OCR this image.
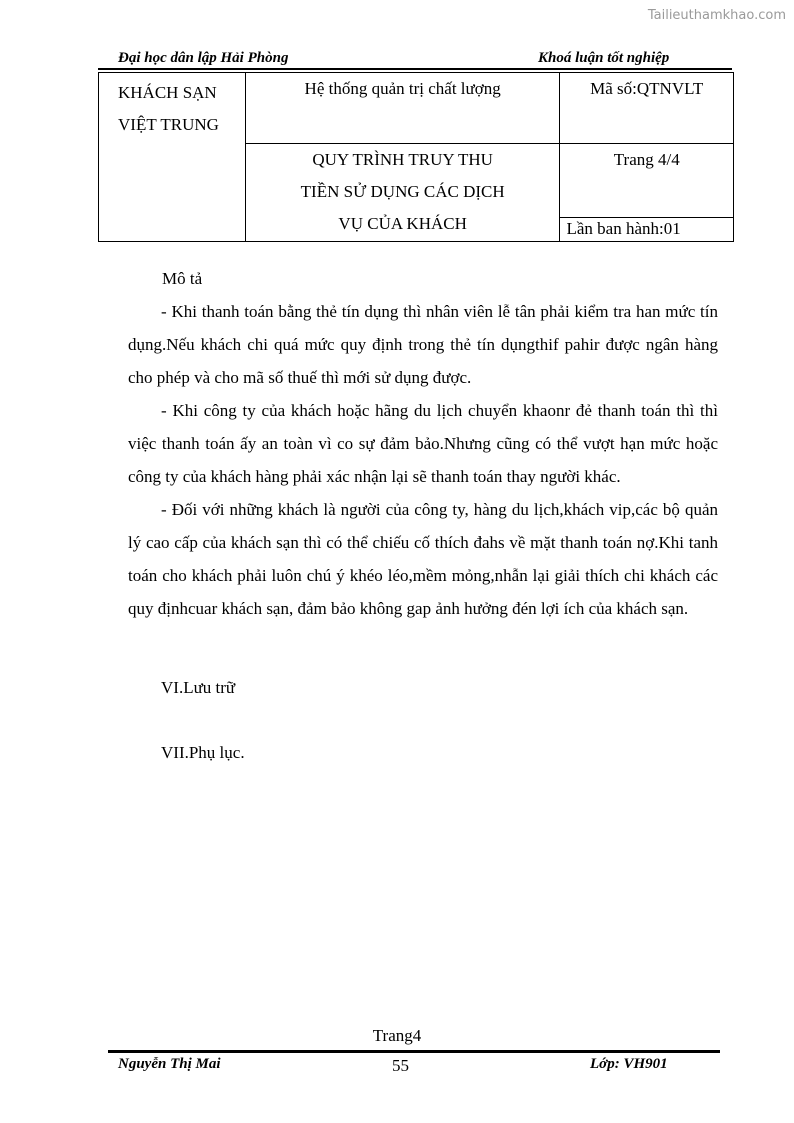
Tailieuthamkhao.com
Đại học dân lập Hải Phòng	Khoá luận tốt nghiệp
KHÁCH SẠN
VIỆT TRUNG	Hệ thống quản trị chất lượng	Mã số:QTNVLT

	QUY TRÌNH TRUY THU
TIỀN SỬ DỤNG CÁC DỊCH
VỤ CỦA KHÁCH	Trang 4/4
		Lần ban hành:01

Mô tả

- Khi thanh toán bằng thẻ tín dụng thì nhân viên lễ tân phải kiểm tra han mức tín dụng.Nếu khách chi quá mức quy định trong thẻ tín dụngthif pahir được ngân hàng cho phép và cho mã số thuế thì mới sử dụng được.

- Khi công ty của khách hoặc hãng du lịch chuyển khaonr đẻ thanh toán thì thì việc thanh toán ấy an toàn vì co sự đảm bảo.Nhưng cũng có thể vượt hạn mức hoặc công ty của khách hàng phải xác nhận lại sẽ thanh toán thay người khác.

- Đối với những khách là người của công ty, hàng du lịch,khách vip,các bộ quản lý cao cấp của khách sạn thì có thể chiếu cố thích đahs về mặt thanh toán nợ.Khi tanh toán cho khách phải luôn chú ý khéo léo,mềm mỏng,nhẫn lại giải thích chi khách các quy địnhcuar khách sạn, đảm bảo không gap ảnh hưởng đén lợi ích của khách sạn.

VI.Lưu trữ
VII.Phụ lục.
Trang4
Nguyễn Thị Mai	55	Lớp: VH901
